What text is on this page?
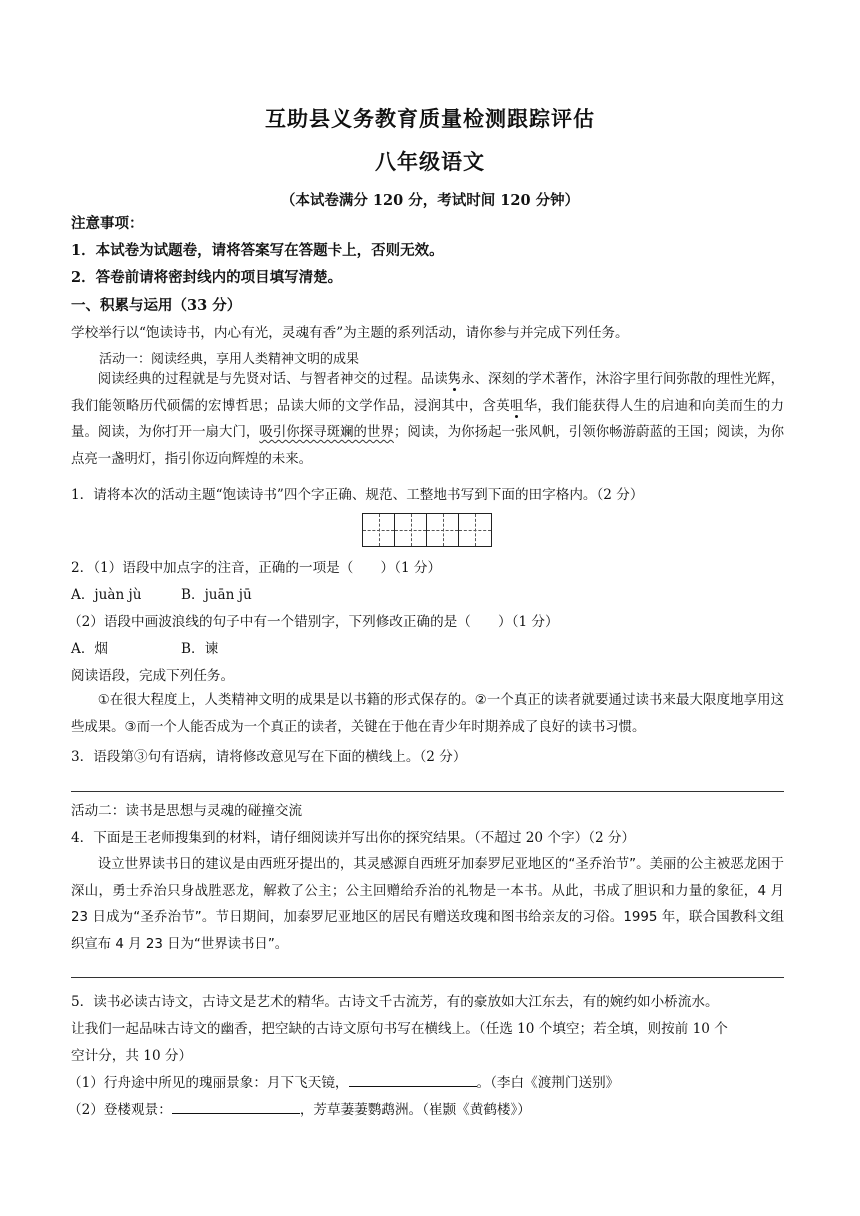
互助县义务教育质量检测跟踪评估
八年级语文
（本试卷满分 120 分，考试时间 120 分钟）
注意事项：
1．本试卷为试题卷，请将答案写在答题卡上，否则无效。
2．答卷前请将密封线内的项目填写清楚。
一、积累与运用（33 分）
学校举行以“饱读诗书，内心有光，灵魂有香”为主题的系列活动，请你参与并完成下列任务。
活动一：阅读经典，享用人类精神文明的成果
阅读经典的过程就是与先贤对话、与智者神交的过程。品读隽永、深刻的学术著作，沐浴字里行间弥散的理性光辉，我们能领略历代硕儒的宏博哲思；品读大师的文学作品，浸润其中，含英咀华，我们能获得人生的启迪和向美而生的力量。阅读，为你打开一扇大门，吸引你探寻斑斓的世界；阅读，为你扬起一张风帆，引领你畅游蔚蓝的王国；阅读，为你点亮一盏明灯，指引你迈向辉煌的未来。
1．请将本次的活动主题“饱读诗书”四个字正确、规范、工整地书写到下面的田字格内。（2 分）
2．（1）语段中加点字的注音，正确的一项是（　　）（1 分）
A．juàn jù	B．juān jū
（2）语段中画波浪线的句子中有一个错别字，下列修改正确的是（　　）（1 分）
A．烟	B．谏
阅读语段，完成下列任务。
①在很大程度上，人类精神文明的成果是以书籍的形式保存的。②一个真正的读者就要通过读书来最大限度地享用这些成果。③而一个人能否成为一个真正的读者，关键在于他在青少年时期养成了良好的读书习惯。
3．语段第③句有语病，请将修改意见写在下面的横线上。（2 分）
活动二：读书是思想与灵魂的碰撞交流
4．下面是王老师搜集到的材料，请仔细阅读并写出你的探究结果。（不超过 20 个字）（2 分）
设立世界读书日的建议是由西班牙提出的，其灵感源自西班牙加泰罗尼亚地区的“圣乔治节”。美丽的公主被恶龙困于深山，勇士乔治只身战胜恶龙，解救了公主；公主回赠给乔治的礼物是一本书。从此，书成了胆识和力量的象征，4 月 23 日成为“圣乔治节”。节日期间，加泰罗尼亚地区的居民有赠送玫瑰和图书给亲友的习俗。1995 年，联合国教科文组织宣布 4 月 23 日为“世界读书日”。
5．读书必读古诗文，古诗文是艺术的精华。古诗文千古流芳，有的豪放如大江东去，有的婉约如小桥流水。
让我们一起品味古诗文的幽香，把空缺的古诗文原句书写在横线上。（任选 10 个填空；若全填，则按前 10 个
空计分，共 10 分）
（1）行舟途中所见的瑰丽景象：月下飞天镜，	。（李白《渡荆门送别》
（2）登楼观景：	，芳草萋萋鹦鹉洲。（崔颢《黄鹤楼》）
